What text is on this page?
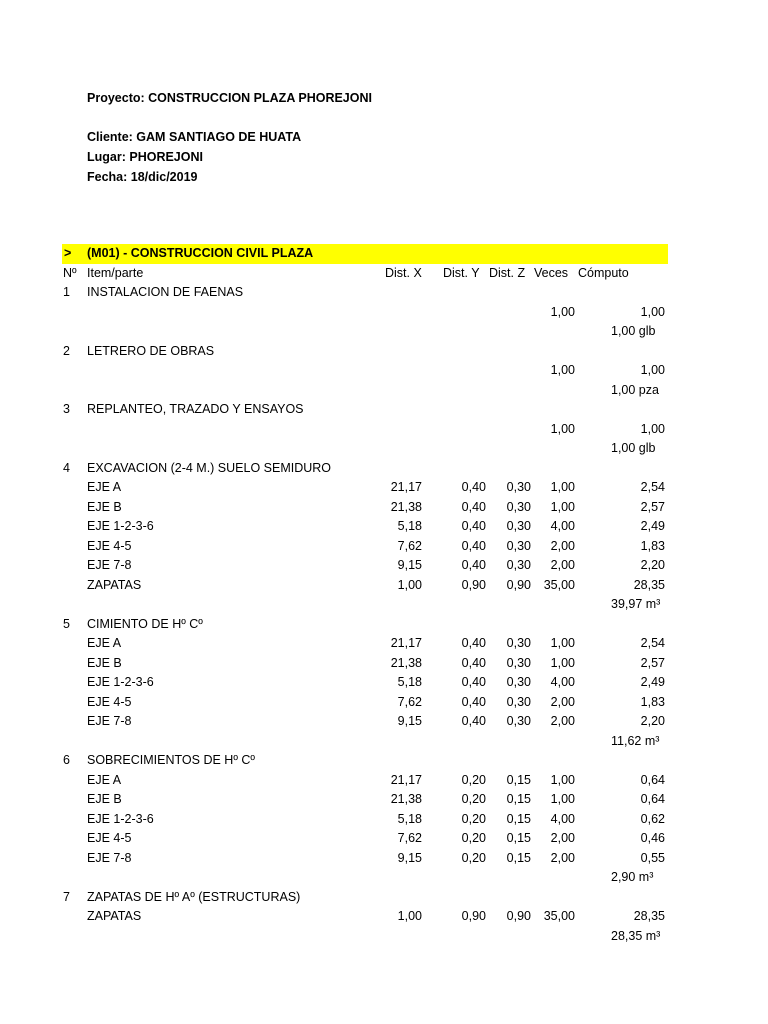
Proyecto: CONSTRUCCION PLAZA PHOREJONI
Cliente: GAM SANTIAGO DE HUATA
Lugar: PHOREJONI
Fecha: 18/dic/2019
> (M01) - CONSTRUCCION CIVIL PLAZA
Nº Item/parte	Dist. X Dist. Y Dist. Z Veces Cómputo
1 INSTALACION DE FAENAS
1,00	1,00
1,00 glb
2 LETRERO DE OBRAS
1,00	1,00
1,00 pza
3 REPLANTEO, TRAZADO Y ENSAYOS
1,00	1,00
1,00 glb
4 EXCAVACION (2-4 M.) SUELO SEMIDURO
EJE A	21,17	0,40 0,30 1,00	2,54
EJE B	21,38	0,40 0,30 1,00	2,57
EJE 1-2-3-6	5,18	0,40 0,30 4,00	2,49
EJE 4-5	7,62	0,40 0,30 2,00	1,83
EJE 7-8	9,15	0,40 0,30 2,00	2,20
ZAPATAS	1,00	0,90 0,90 35,00	28,35
39,97 m³
5 CIMIENTO DE Hº Cº
EJE A	21,17	0,40 0,30 1,00	2,54
EJE B	21,38	0,40 0,30 1,00	2,57
EJE 1-2-3-6	5,18	0,40 0,30 4,00	2,49
EJE 4-5	7,62	0,40 0,30 2,00	1,83
EJE 7-8	9,15	0,40 0,30 2,00	2,20
11,62 m³
6 SOBRECIMIENTOS DE Hº Cº
EJE A	21,17	0,20 0,15 1,00	0,64
EJE B	21,38	0,20 0,15 1,00	0,64
EJE 1-2-3-6	5,18	0,20 0,15 4,00	0,62
EJE 4-5	7,62	0,20 0,15 2,00	0,46
EJE 7-8	9,15	0,20 0,15 2,00	0,55
2,90 m³
7 ZAPATAS DE Hº Aº (ESTRUCTURAS)
ZAPATAS	1,00	0,90 0,90 35,00	28,35
28,35 m³
